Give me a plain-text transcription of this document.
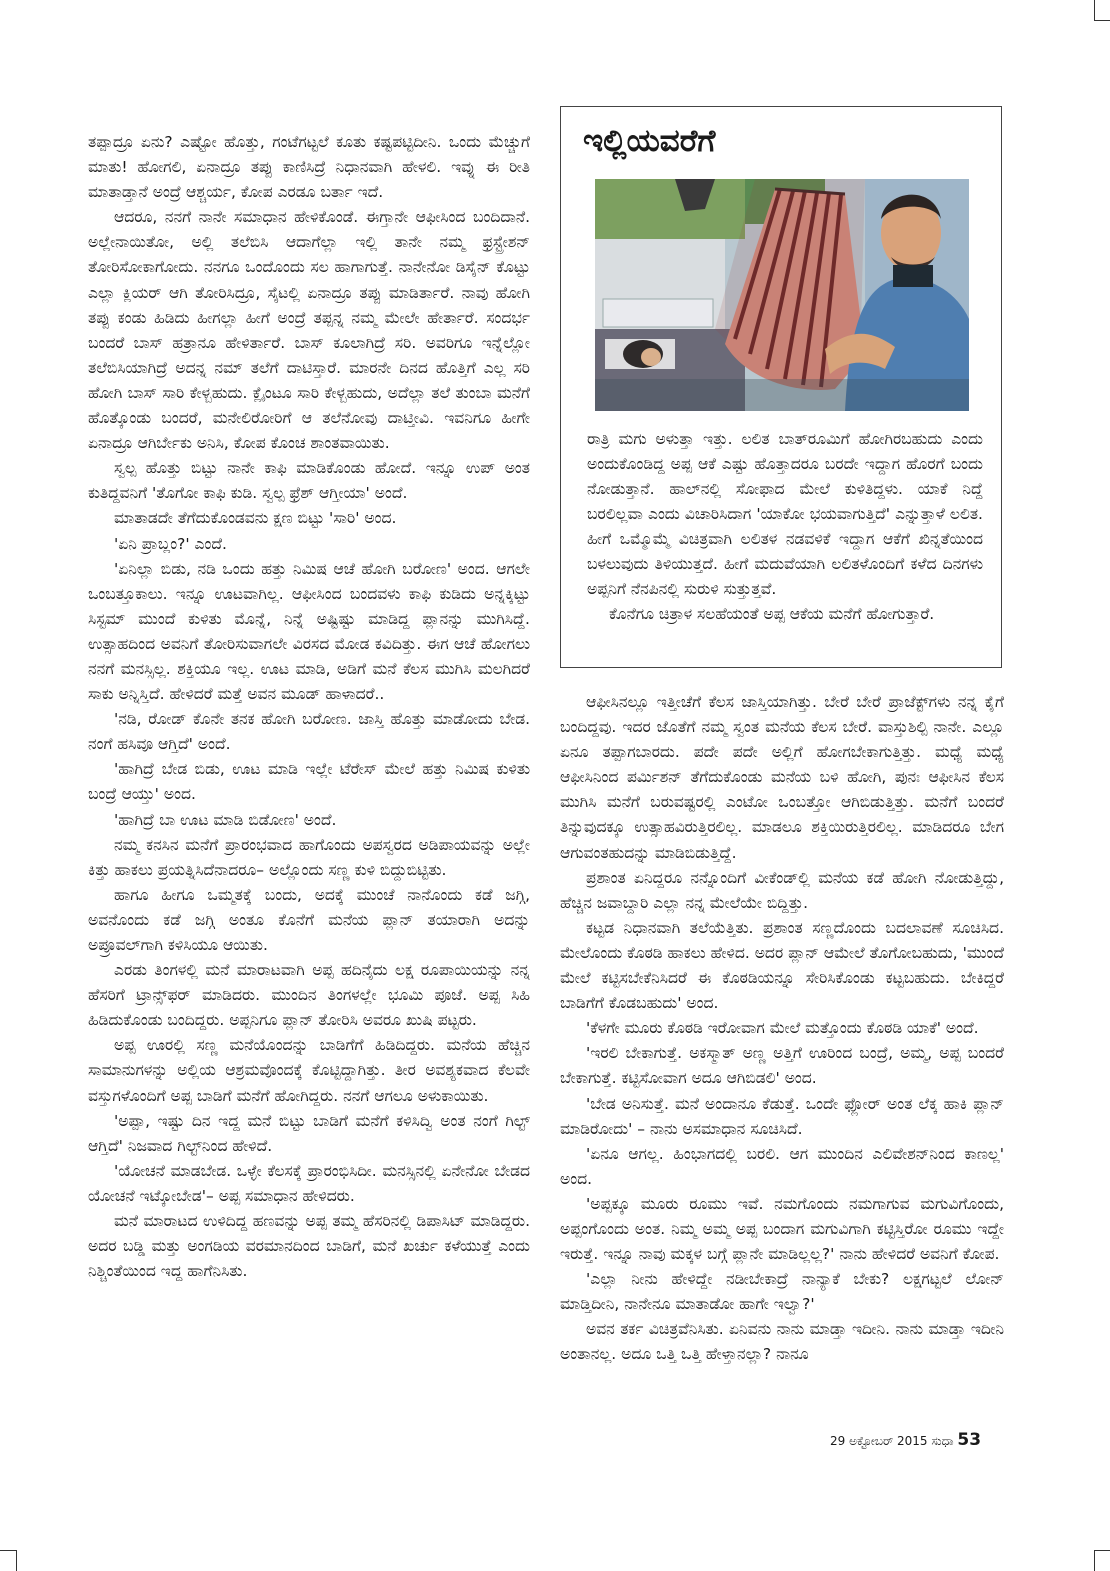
ತಪ್ಪಾದ್ರೂ ಏನು? ಎಷ್ಟೋ ಹೊತ್ತು, ಗಂಟೆಗಟ್ಟಲೆ ಕೂತು ಕಷ್ಟಪಟ್ಟಿದೀನಿ. ಒಂದು ಮೆಚ್ಚುಗೆ ಮಾತು! ಹೋಗಲಿ, ಏನಾದ್ರೂ ತಪ್ಪು ಕಾಣಿಸಿದ್ರೆ ನಿಧಾನವಾಗಿ ಹೇಳಲಿ. ಇವ್ನು ಈ ರೀತಿ ಮಾತಾಡ್ತಾನೆ ಅಂದ್ರೆ ಆಶ್ಚರ್ಯ, ಕೋಪ ಎರಡೂ ಬರ್ತಾ ಇದೆ.

ಆದರೂ, ನನಗೆ ನಾನೇ ಸಮಾಧಾನ ಹೇಳಿಕೊಂಡೆ. ಈಗ್ತಾನೇ ಆಫೀಸಿಂದ ಬಂದಿದಾನೆ. ಅಲ್ಲೇನಾಯಿತೋ, ಅಲ್ಲಿ ತಲೆಬಿಸಿ ಆದಾಗೆಲ್ಲಾ ಇಲ್ಲಿ ತಾನೇ ನಮ್ಮ ಫ್ರಸ್ಟ್ರೇಶನ್ ತೋರಿಸೋಕಾಗೋದು. ನನಗೂ ಒಂದೊಂದು ಸಲ ಹಾಗಾಗುತ್ತೆ. ನಾನೇನೋ ಡಿಸೈನ್ ಕೊಟ್ಟು ಎಲ್ಲಾ ಕ್ಲಿಯರ್ ಆಗಿ ತೋರಿಸಿದ್ರೂ, ಸೈಟಲ್ಲಿ ಏನಾದ್ರೂ ತಪ್ಪು ಮಾಡಿರ್ತಾರೆ. ನಾವು ಹೋಗಿ ತಪ್ಪು ಕಂಡು ಹಿಡಿದು ಹೀಗಲ್ಲಾ ಹೀಗೆ ಅಂದ್ರೆ ತಪ್ಪನ್ನ ನಮ್ಮ ಮೇಲೇ ಹೇರ್ತಾರೆ. ಸಂದರ್ಭ ಬಂದರೆ ಬಾಸ್ ಹತ್ರಾನೂ ಹೇಳಿರ್ತಾರೆ. ಬಾಸ್ ಕೂಲಾಗಿದ್ರೆ ಸರಿ. ಅವರಿಗೂ ಇನ್ನೆಲ್ಲೋ ತಲೆಬಿಸಿಯಾಗಿದ್ರೆ ಅದನ್ನ ನಮ್ ತಲೆಗೆ ದಾಟಿಸ್ತಾರೆ. ಮಾರನೇ ದಿನದ ಹೊತ್ತಿಗೆ ಎಲ್ಲ ಸರಿ ಹೋಗಿ ಬಾಸ್ ಸಾರಿ ಕೇಳ್ಬಹುದು. ಕ್ಲೈಂಟೂ ಸಾರಿ ಕೇಳ್ಬಹುದು, ಅದೆಲ್ಲಾ ತಲೆ ತುಂಬಾ ಮನೆಗೆ ಹೊತ್ಕೊಂಡು ಬಂದರೆ, ಮನೇಲಿರೋರಿಗೆ ಆ ತಲೆನೋವು ದಾಟ್ತೀವಿ. ಇವನಿಗೂ ಹೀಗೇ ಏನಾದ್ರೂ ಆಗಿರ್ಬೇಕು ಅನಿಸಿ, ಕೋಪ ಕೊಂಚ ಶಾಂತವಾಯಿತು.

ಸ್ವಲ್ಪ ಹೊತ್ತು ಬಿಟ್ಟು ನಾನೇ ಕಾಫಿ ಮಾಡಿಕೊಂಡು ಹೋದೆ. ಇನ್ನೂ ಉಪ್ ಅಂತ ಕುತಿದ್ದವನಿಗೆ 'ತೊಗೋ ಕಾಫಿ ಕುಡಿ. ಸ್ವಲ್ಪ ಫ್ರೆಶ್ ಆಗ್ತೀಯಾ' ಅಂದೆ.

ಮಾತಾಡದೇ ತೆಗೆದುಕೊಂಡವನು ಕ್ಷಣ ಬಿಟ್ಟು 'ಸಾರಿ' ಅಂದ.

'ಏನಿ ಪ್ರಾಬ್ಲಂ?' ಎಂದೆ.

'ಏನಿಲ್ಲಾ ಬಿಡು, ನಡಿ ಒಂದು ಹತ್ತು ನಿಮಿಷ ಆಚೆ ಹೋಗಿ ಬರೋಣ' ಅಂದ. ಆಗಲೇ ಒಂಬತ್ತೂಕಾಲು. ಇನ್ನೂ ಊಟವಾಗಿಲ್ಲ. ಆಫೀಸಿಂದ ಬಂದವಳು ಕಾಫಿ ಕುಡಿದು ಅನ್ನಕ್ಕಿಟ್ಟು ಸಿಸ್ಟಮ್ ಮುಂದೆ ಕುಳಿತು ಮೊನ್ನೆ, ನಿನ್ನೆ ಅಷ್ಟಿಷ್ಟು ಮಾಡಿದ್ದ ಪ್ಲಾನನ್ನು ಮುಗಿಸಿದ್ದೆ. ಉತ್ಸಾಹದಿಂದ ಅವನಿಗೆ ತೋರಿಸುವಾಗಲೇ ವಿರಸದ ಮೋಡ ಕವಿದಿತ್ತು. ಈಗ ಆಚೆ ಹೋಗಲು ನನಗೆ ಮನಸ್ಸಿಲ್ಲ. ಶಕ್ತಿಯೂ ಇಲ್ಲ. ಊಟ ಮಾಡಿ, ಅಡಿಗೆ ಮನೆ ಕೆಲಸ ಮುಗಿಸಿ ಮಲಗಿದರೆ ಸಾಕು ಅನ್ನಿಸ್ತಿದೆ. ಹೇಳಿದರೆ ಮತ್ತೆ ಅವನ ಮೂಡ್ ಹಾಳಾದರೆ..

'ನಡಿ, ರೋಡ್ ಕೊನೇ ತನಕ ಹೋಗಿ ಬರೋಣ. ಜಾಸ್ತಿ ಹೊತ್ತು ಮಾಡೋದು ಬೇಡ. ನಂಗೆ ಹಸಿವೂ ಆಗ್ತಿದೆ' ಅಂದೆ.

'ಹಾಗಿದ್ರೆ ಬೇಡ ಬಿಡು, ಊಟ ಮಾಡಿ ಇಲ್ಲೇ ಟೆರೇಸ್ ಮೇಲೆ ಹತ್ತು ನಿಮಿಷ ಕುಳಿತು ಬಂದ್ರೆ ಆಯ್ತು' ಅಂದ.

'ಹಾಗಿದ್ರೆ ಬಾ ಊಟ ಮಾಡಿ ಬಿಡೋಣ' ಅಂದೆ.

ನಮ್ಮ ಕನಸಿನ ಮನೆಗೆ ಪ್ರಾರಂಭವಾದ ಹಾಗೊಂದು ಅಪಸ್ವರದ ಅಡಿಪಾಯವನ್ನು ಅಲ್ಲೇ ಕಿತ್ತು ಹಾಕಲು ಪ್ರಯತ್ನಿಸಿದೆನಾದರೂ– ಅಲ್ಲೊಂದು ಸಣ್ಣ ಕುಳಿ ಬಿದ್ದುಬಿಟ್ಟಿತು.

ಹಾಗೂ ಹೀಗೂ ಒಮ್ಮತಕ್ಕೆ ಬಂದು, ಅದಕ್ಕೆ ಮುಂಚೆ ನಾನೊಂದು ಕಡೆ ಜಗ್ಗಿ, ಅವನೊಂದು ಕಡೆ ಜಗ್ಗಿ ಅಂತೂ ಕೊನೆಗೆ ಮನೆಯ ಪ್ಲಾನ್ ತಯಾರಾಗಿ ಅದನ್ನು ಅಪ್ರೂವಲ್‌ಗಾಗಿ ಕಳಿಸಿಯೂ ಆಯಿತು.

ಎರಡು ತಿಂಗಳಲ್ಲಿ ಮನೆ ಮಾರಾಟವಾಗಿ ಅಪ್ಪ ಹದಿನೈದು ಲಕ್ಷ ರೂಪಾಯಿಯನ್ನು ನನ್ನ ಹೆಸರಿಗೆ ಟ್ರಾನ್ಸ್‌ಫರ್ ಮಾಡಿದರು. ಮುಂದಿನ ತಿಂಗಳಲ್ಲೇ ಭೂಮಿ ಪೂಜೆ. ಅಪ್ಪ ಸಿಹಿ ಹಿಡಿದುಕೊಂಡು ಬಂದಿದ್ದರು. ಅಪ್ಪನಿಗೂ ಪ್ಲಾನ್ ತೋರಿಸಿ ಅವರೂ ಖುಷಿ ಪಟ್ಟರು.

ಅಪ್ಪ ಊರಲ್ಲಿ ಸಣ್ಣ ಮನೆಯೊಂದನ್ನು ಬಾಡಿಗೆಗೆ ಹಿಡಿದಿದ್ದರು. ಮನೆಯ ಹೆಚ್ಚಿನ ಸಾಮಾನುಗಳನ್ನು ಅಲ್ಲಿಯ ಆಶ್ರಮವೊಂದಕ್ಕೆ ಕೊಟ್ಟಿದ್ದಾಗಿತ್ತು. ತೀರ ಅವಶ್ಯಕವಾದ ಕೆಲವೇ ವಸ್ತುಗಳೊಂದಿಗೆ ಅಪ್ಪ ಬಾಡಿಗೆ ಮನೆಗೆ ಹೋಗಿದ್ದರು. ನನಗೆ ಆಗಲೂ ಅಳುಕಾಯಿತು.

'ಅಪ್ಪಾ, ಇಷ್ಟು ದಿನ ಇದ್ದ ಮನೆ ಬಿಟ್ಟು ಬಾಡಿಗೆ ಮನೆಗೆ ಕಳಿಸಿದ್ವಿ ಅಂತ ನಂಗೆ ಗಿಲ್ಟ್ ಆಗ್ತಿದೆ' ನಿಜವಾದ ಗಿಲ್ಟ್‌ನಿಂದ ಹೇಳಿದೆ.

'ಯೋಚನೆ ಮಾಡಬೇಡ. ಒಳ್ಳೇ ಕೆಲಸಕ್ಕೆ ಪ್ರಾರಂಭಿಸಿದೀ. ಮನಸ್ಸಿನಲ್ಲಿ ಏನೇನೋ ಬೇಡದ ಯೋಚನೆ ಇಟ್ಕೋಬೇಡ'– ಅಪ್ಪ ಸಮಾಧಾನ ಹೇಳಿದರು.

ಮನೆ ಮಾರಾಟದ ಉಳಿದಿದ್ದ ಹಣವನ್ನು ಅಪ್ಪ ತಮ್ಮ ಹೆಸರಿನಲ್ಲಿ ಡಿಪಾಸಿಟ್ ಮಾಡಿದ್ದರು. ಅದರ ಬಡ್ಡಿ ಮತ್ತು ಅಂಗಡಿಯ ವರಮಾನದಿಂದ ಬಾಡಿಗೆ, ಮನೆ ಖರ್ಚು ಕಳೆಯುತ್ತೆ ಎಂದು ನಿಶ್ಚಿಂತೆಯಿಂದ ಇದ್ದ ಹಾಗೆನಿಸಿತು.

ಇಲ್ಲಿಯವರೆಗೆ

ರಾತ್ರಿ ಮಗು ಅಳುತ್ತಾ ಇತ್ತು. ಲಲಿತ ಬಾತ್‌ರೂಮಿಗೆ ಹೋಗಿರಬಹುದು ಎಂದು ಅಂದುಕೊಂಡಿದ್ದ ಅಪ್ಪ ಆಕೆ ಎಷ್ಟು ಹೊತ್ತಾದರೂ ಬರದೇ ಇದ್ದಾಗ ಹೊರಗೆ ಬಂದು ನೋಡುತ್ತಾನೆ. ಹಾಲ್‌ನಲ್ಲಿ ಸೋಫಾದ ಮೇಲೆ ಕುಳಿತಿದ್ದಳು. ಯಾಕೆ ನಿದ್ದೆ ಬರಲಿಲ್ಲವಾ ಎಂದು ವಿಚಾರಿಸಿದಾಗ 'ಯಾಕೋ ಭಯವಾಗುತ್ತಿದೆ' ಎನ್ನುತ್ತಾಳೆ ಲಲಿತ. ಹೀಗೆ ಒಮ್ಮೊಮ್ಮೆ ವಿಚಿತ್ರವಾಗಿ ಲಲಿತಳ ನಡವಳಿಕೆ ಇದ್ದಾಗ ಆಕೆಗೆ ಖಿನ್ನತೆಯಿಂದ ಬಳಲುವುದು ತಿಳಿಯುತ್ತದೆ. ಹೀಗೆ ಮದುವೆಯಾಗಿ ಲಲಿತಳೊಂದಿಗೆ ಕಳೆದ ದಿನಗಳು ಅಪ್ಪನಿಗೆ ನೆನಪಿನಲ್ಲಿ ಸುರುಳಿ ಸುತ್ತುತ್ತವೆ.

ಕೊನೆಗೂ ಚಿತ್ರಾಳ ಸಲಹೆಯಂತೆ ಅಪ್ಪ ಆಕೆಯ ಮನೆಗೆ ಹೋಗುತ್ತಾರೆ.

ಆಫೀಸಿನಲ್ಲೂ ಇತ್ತೀಚೆಗೆ ಕೆಲಸ ಜಾಸ್ತಿಯಾಗಿತ್ತು. ಬೇರೆ ಬೇರೆ ಪ್ರಾಜೆಕ್ಟ್‌ಗಳು ನನ್ನ ಕೈಗೆ ಬಂದಿದ್ದವು. ಇದರ ಜೊತೆಗೆ ನಮ್ಮ ಸ್ವಂತ ಮನೆಯ ಕೆಲಸ ಬೇರೆ. ವಾಸ್ತುಶಿಲ್ಪಿ ನಾನೇ. ಎಲ್ಲೂ ಏನೂ ತಪ್ಪಾಗಬಾರದು. ಪದೇ ಪದೇ ಅಲ್ಲಿಗೆ ಹೋಗಬೇಕಾಗುತ್ತಿತ್ತು. ಮಧ್ಯೆ ಮಧ್ಯೆ ಆಫೀಸಿನಿಂದ ಪರ್ಮಿಶನ್ ತೆಗೆದುಕೊಂಡು ಮನೆಯ ಬಳಿ ಹೋಗಿ, ಪುನಃ ಆಫೀಸಿನ ಕೆಲಸ ಮುಗಿಸಿ ಮನೆಗೆ ಬರುವಷ್ಟರಲ್ಲಿ ಎಂಟೋ ಒಂಬತ್ತೋ ಆಗಿಬಿಡುತ್ತಿತ್ತು. ಮನೆಗೆ ಬಂದರೆ ತಿನ್ನುವುದಕ್ಕೂ ಉತ್ಸಾಹವಿರುತ್ತಿರಲಿಲ್ಲ. ಮಾಡಲೂ ಶಕ್ತಿಯಿರುತ್ತಿರಲಿಲ್ಲ. ಮಾಡಿದರೂ ಬೇಗ ಆಗುವಂತಹುದನ್ನು ಮಾಡಿಬಿಡುತ್ತಿದ್ದೆ.

ಪ್ರಶಾಂತ ಏನಿದ್ದರೂ ನನ್ನೊಂದಿಗೆ ವೀಕೆಂಡ್‌ಲ್ಲಿ ಮನೆಯ ಕಡೆ ಹೋಗಿ ನೋಡುತ್ತಿದ್ದು, ಹೆಚ್ಚಿನ ಜವಾಬ್ದಾರಿ ಎಲ್ಲಾ ನನ್ನ ಮೇಲೆಯೇ ಬಿದ್ದಿತ್ತು.

ಕಟ್ಟಡ ನಿಧಾನವಾಗಿ ತಲೆಯೆತ್ತಿತು. ಪ್ರಶಾಂತ ಸಣ್ಣದೊಂದು ಬದಲಾವಣೆ ಸೂಚಿಸಿದ. ಮೇಲೊಂದು ಕೊಠಡಿ ಹಾಕಲು ಹೇಳಿದ. ಅದರ ಪ್ಲಾನ್ ಆಮೇಲೆ ತೊಗೋಬಹುದು, 'ಮುಂದೆ ಮೇಲೆ ಕಟ್ಟಿಸಬೇಕೆನಿಸಿದರೆ ಈ ಕೊಠಡಿಯನ್ನೂ ಸೇರಿಸಿಕೊಂಡು ಕಟ್ಟಬಹುದು. ಬೇಕಿದ್ದರೆ ಬಾಡಿಗೆಗೆ ಕೊಡಬಹುದು' ಅಂದ.

'ಕೆಳಗೇ ಮೂರು ಕೊಠಡಿ ಇರೋವಾಗ ಮೇಲೆ ಮತ್ತೊಂದು ಕೊಠಡಿ ಯಾಕೆ' ಅಂದೆ.

'ಇರಲಿ ಬೇಕಾಗುತ್ತೆ. ಅಕಸ್ಮಾತ್ ಅಣ್ಣ ಅತ್ತಿಗೆ ಊರಿಂದ ಬಂದ್ರೆ, ಅಮ್ಮ, ಅಪ್ಪ ಬಂದರೆ ಬೇಕಾಗುತ್ತೆ. ಕಟ್ಟಿಸೋವಾಗ ಅದೂ ಆಗಿಬಿಡಲಿ' ಅಂದ.

'ಬೇಡ ಅನಿಸುತ್ತೆ. ಮನೆ ಅಂದಾನೂ ಕೆಡುತ್ತೆ. ಒಂದೇ ಫ್ಲೋರ್ ಅಂತ ಲೆಕ್ಕ ಹಾಕಿ ಪ್ಲಾನ್ ಮಾಡಿರೋದು' – ನಾನು ಅಸಮಾಧಾನ ಸೂಚಿಸಿದೆ.

'ಏನೂ ಆಗಲ್ಲ. ಹಿಂಭಾಗದಲ್ಲಿ ಬರಲಿ. ಆಗ ಮುಂದಿನ ಎಲಿವೇಶನ್‌ನಿಂದ ಕಾಣಲ್ಲ' ಅಂದ.

'ಅಪ್ಪಕ್ಕೂ ಮೂರು ರೂಮು ಇವೆ. ನಮಗೊಂದು ನಮಗಾಗುವ ಮಗುವಿಗೊಂದು, ಅಪ್ಪಂಗೊಂದು ಅಂತ. ನಿಮ್ಮ ಅಮ್ಮ ಅಪ್ಪ ಬಂದಾಗ ಮಗುವಿಗಾಗಿ ಕಟ್ಟಿಸ್ತಿರೋ ರೂಮು ಇದ್ದೇ ಇರುತ್ತೆ. ಇನ್ನೂ ನಾವು ಮಕ್ಕಳ ಬಗ್ಗೆ ಪ್ಲಾನೇ ಮಾಡಿಲ್ಲಲ್ಲ?' ನಾನು ಹೇಳಿದರೆ ಅವನಿಗೆ ಕೋಪ.

'ಎಲ್ಲಾ ನೀನು ಹೇಳಿದ್ದೇ ನಡೀಬೇಕಾದ್ರೆ ನಾನ್ಯಾಕೆ ಬೇಕು? ಲಕ್ಷಗಟ್ಟಲೆ ಲೋನ್ ಮಾಡ್ತಿದೀನಿ, ನಾನೇನೂ ಮಾತಾಡೋ ಹಾಗೇ ಇಲ್ವಾ?'

ಅವನ ತರ್ಕ ವಿಚಿತ್ರವೆನಿಸಿತು. ಏನಿವನು ನಾನು ಮಾಡ್ತಾ ಇದೀನಿ. ನಾನು ಮಾಡ್ತಾ ಇದೀನಿ ಅಂತಾನಲ್ಲ. ಅದೂ ಒತ್ತಿ ಒತ್ತಿ ಹೇಳ್ತಾನಲ್ಲಾ? ನಾನೂ

29 ಅಕ್ಟೋಬರ್ 2015 ಸುಧಾ 53
